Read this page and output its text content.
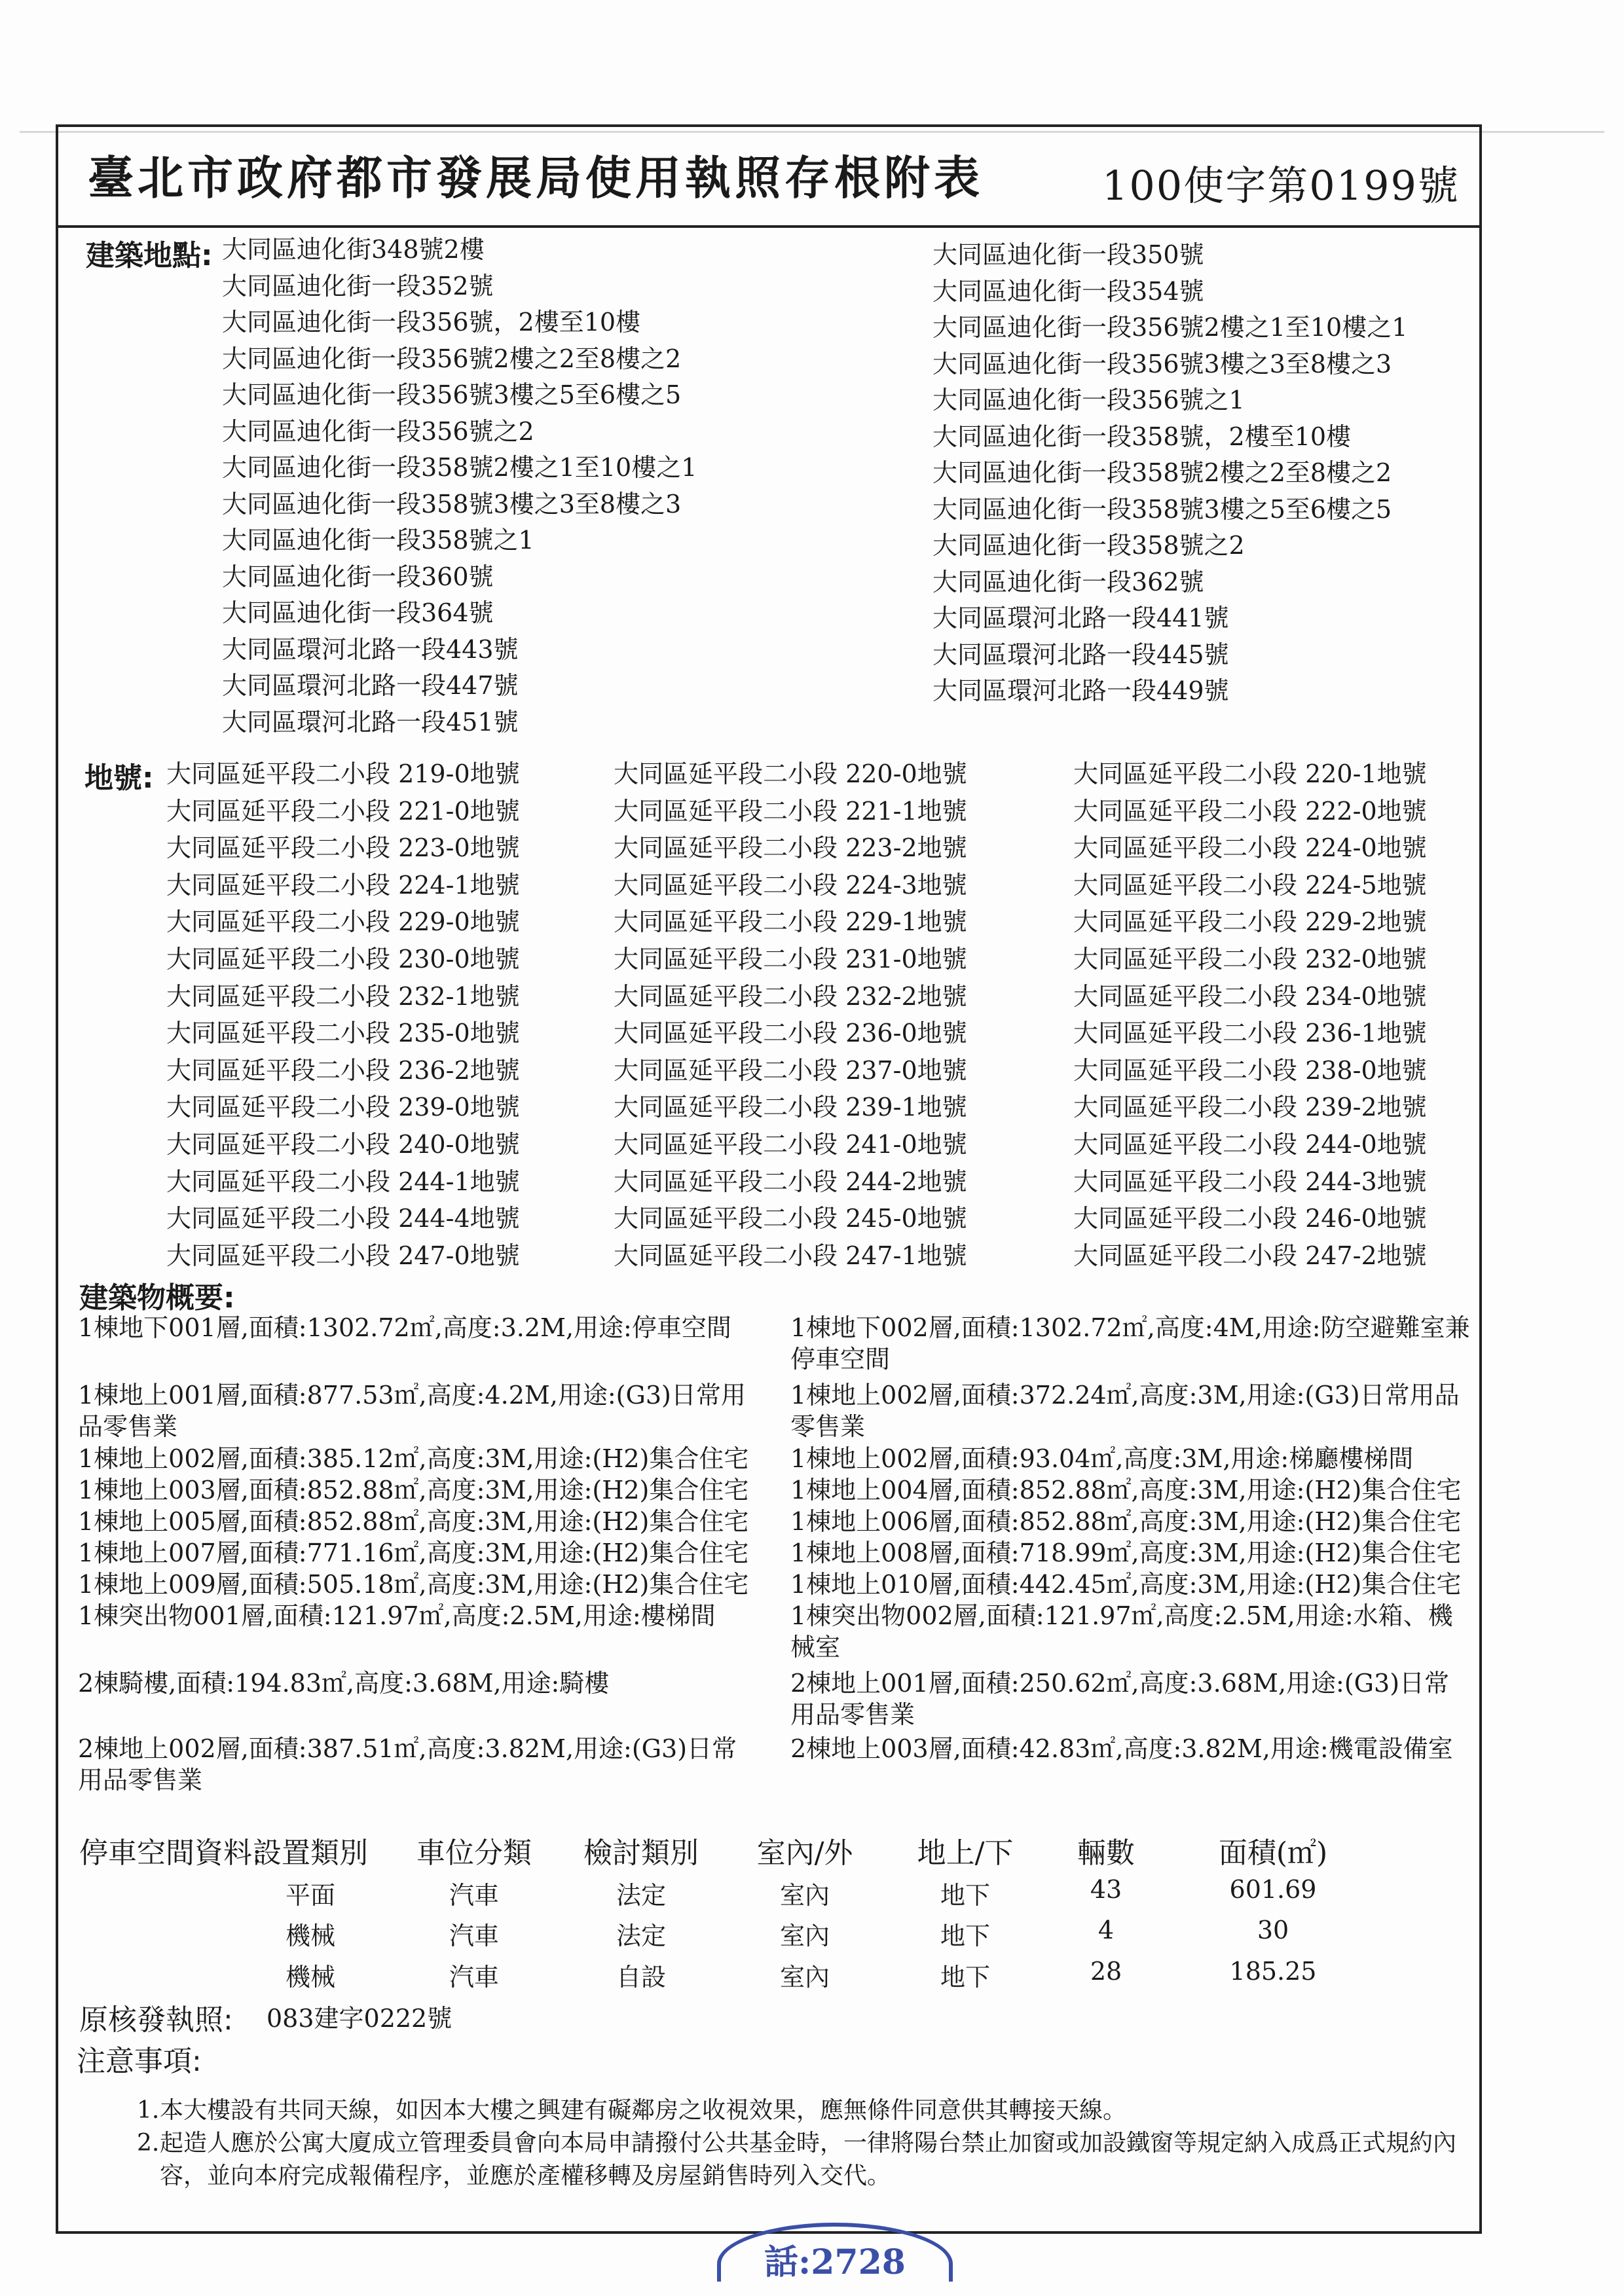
臺北市政府都市發展局使用執照存根附表	100使字第0199號
建築地點: 大同區迪化街348號2樓
大同區迪化街一段352號
大同區迪化街一段356號，2樓至10樓
大同區迪化街一段356號2樓之2至8樓之2
大同區迪化街一段356號3樓之5至6樓之5
大同區迪化街一段356號之2
大同區迪化街一段358號2樓之1至10樓之1
大同區迪化街一段358號3樓之3至8樓之3
大同區迪化街一段358號之1
大同區迪化街一段360號
大同區迪化街一段364號
大同區環河北路一段443號
大同區環河北路一段447號
大同區環河北路一段451號
大同區迪化街一段350號
大同區迪化街一段354號
大同區迪化街一段356號2樓之1至10樓之1
大同區迪化街一段356號3樓之3至8樓之3
大同區迪化街一段356號之1
大同區迪化街一段358號，2樓至10樓
大同區迪化街一段358號2樓之2至8樓之2
大同區迪化街一段358號3樓之5至6樓之5
大同區迪化街一段358號之2
大同區迪化街一段362號
大同區環河北路一段441號
大同區環河北路一段445號
大同區環河北路一段449號
地號: 大同區延平段二小段 219-0地號
大同區延平段二小段 221-0地號
大同區延平段二小段 223-0地號
大同區延平段二小段 224-1地號
大同區延平段二小段 229-0地號
大同區延平段二小段 230-0地號
大同區延平段二小段 232-1地號
大同區延平段二小段 235-0地號
大同區延平段二小段 236-2地號
大同區延平段二小段 239-0地號
大同區延平段二小段 240-0地號
大同區延平段二小段 244-1地號
大同區延平段二小段 244-4地號
大同區延平段二小段 247-0地號
大同區延平段二小段 220-0地號
大同區延平段二小段 221-1地號
大同區延平段二小段 223-2地號
大同區延平段二小段 224-3地號
大同區延平段二小段 229-1地號
大同區延平段二小段 231-0地號
大同區延平段二小段 232-2地號
大同區延平段二小段 236-0地號
大同區延平段二小段 237-0地號
大同區延平段二小段 239-1地號
大同區延平段二小段 241-0地號
大同區延平段二小段 244-2地號
大同區延平段二小段 245-0地號
大同區延平段二小段 247-1地號
大同區延平段二小段 220-1地號
大同區延平段二小段 222-0地號
大同區延平段二小段 224-0地號
大同區延平段二小段 224-5地號
大同區延平段二小段 229-2地號
大同區延平段二小段 232-0地號
大同區延平段二小段 234-0地號
大同區延平段二小段 236-1地號
大同區延平段二小段 238-0地號
大同區延平段二小段 239-2地號
大同區延平段二小段 244-0地號
大同區延平段二小段 244-3地號
大同區延平段二小段 246-0地號
大同區延平段二小段 247-2地號
建築物概要:
1棟地下001層,面積:1302.72㎡,高度:3.2M,用途:停車空間
1棟地上001層,面積:877.53㎡,高度:4.2M,用途:(G3)日常用品零售業
1棟地上002層,面積:385.12㎡,高度:3M,用途:(H2)集合住宅
1棟地上003層,面積:852.88㎡,高度:3M,用途:(H2)集合住宅
1棟地上005層,面積:852.88㎡,高度:3M,用途:(H2)集合住宅
1棟地上007層,面積:771.16㎡,高度:3M,用途:(H2)集合住宅
1棟地上009層,面積:505.18㎡,高度:3M,用途:(H2)集合住宅
1棟突出物001層,面積:121.97㎡,高度:2.5M,用途:樓梯間
2棟騎樓,面積:194.83㎡,高度:3.68M,用途:騎樓
2棟地上002層,面積:387.51㎡,高度:3.82M,用途:(G3)日常用品零售業
1棟地下002層,面積:1302.72㎡,高度:4M,用途:防空避難室兼停車空間
1棟地上002層,面積:372.24㎡,高度:3M,用途:(G3)日常用品零售業
1棟地上002層,面積:93.04㎡,高度:3M,用途:梯廳樓梯間
1棟地上004層,面積:852.88㎡,高度:3M,用途:(H2)集合住宅
1棟地上006層,面積:852.88㎡,高度:3M,用途:(H2)集合住宅
1棟地上008層,面積:718.99㎡,高度:3M,用途:(H2)集合住宅
1棟地上010層,面積:442.45㎡,高度:3M,用途:(H2)集合住宅
1棟突出物002層,面積:121.97㎡,高度:2.5M,用途:水箱、機械室
2棟地上001層,面積:250.62㎡,高度:3.68M,用途:(G3)日常用品零售業
2棟地上003層,面積:42.83㎡,高度:3.82M,用途:機電設備室
停車空間資料:
設置類別 車位分類 檢討類別 室內/外 地上/下 輛數	面積(㎡)
平面	汽車	法定	室內	地下	43	601.69
機械	汽車	法定	室內	地下	4	30
機械	汽車	自設	室內	地下	28	185.25
原核發執照: 083建字0222號
注意事項:
1. 本大樓設有共同天線，如因本大樓之興建有礙鄰房之收視效果，應無條件同意供其轉接天線。
2. 起造人應於公寓大廈成立管理委員會向本局申請撥付公共基金時，一律將陽台禁止加窗或加設鐵窗等規定納入成爲正式規約內容，並向本府完成報備程序，並應於產權移轉及房屋銷售時列入交代。
話:2728
